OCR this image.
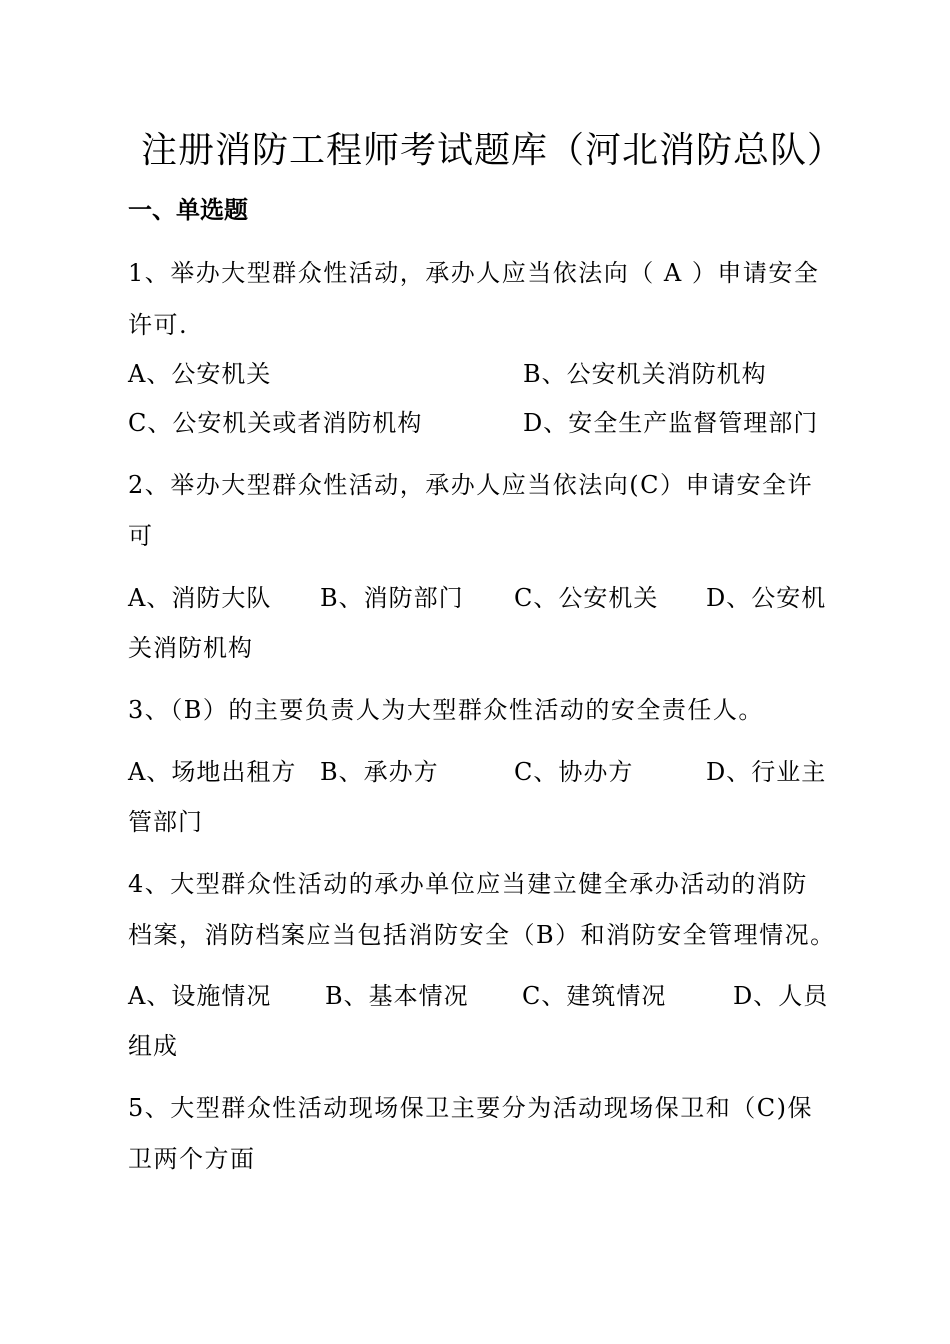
注册消防工程师考试题库（河北消防总队）
一、单选题
1、举办大型群众性活动，承办人应当依法向（ A ）申请安全
许可.
A、公安机关	B、公安机关消防机构
C、公安机关或者消防机构	D、安全生产监督管理部门
2、举办大型群众性活动，承办人应当依法向(C）申请安全许
可
A、消防大队 B、消防部门 C、公安机关 D、公安机
关消防机构
3、（B）的主要负责人为大型群众性活动的安全责任人。
A、场地出租方 B、承办方	C、协办方	D、行业主
管部门
4、大型群众性活动的承办单位应当建立健全承办活动的消防
档案，消防档案应当包括消防安全（B）和消防安全管理情况。
A、设施情况 B、基本情况 C、建筑情况	D、人员
组成
5、大型群众性活动现场保卫主要分为活动现场保卫和（C)保
卫两个方面
